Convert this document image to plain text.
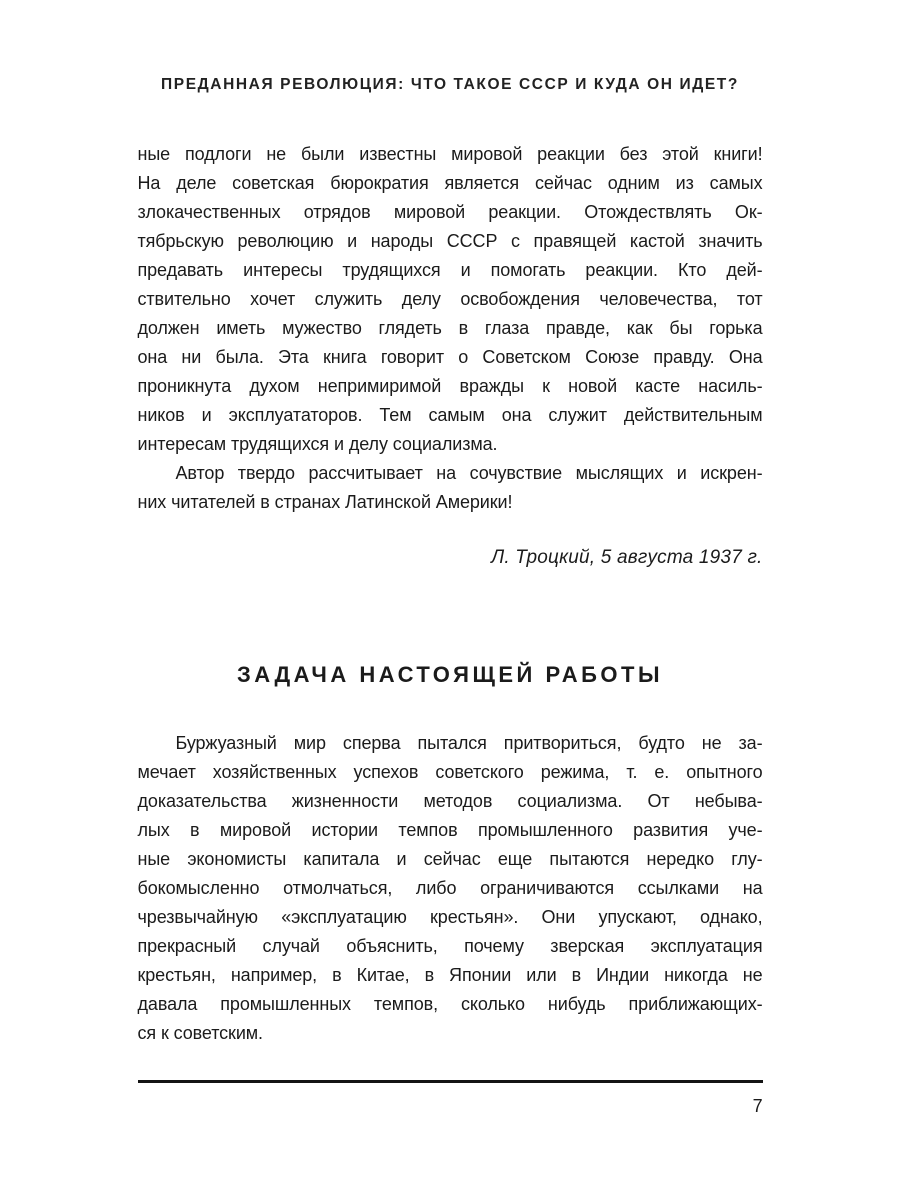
ПРЕДАННАЯ РЕВОЛЮЦИЯ: ЧТО ТАКОЕ СССР И КУДА ОН ИДЕТ?
ные подлоги не были известны мировой реакции без этой книги!
На деле советская бюрократия является сейчас одним из самых
злокачественных отрядов мировой реакции. Отождествлять Ок-
тябрьскую революцию и народы СССР с правящей кастой значить
предавать интересы трудящихся и помогать реакции. Кто дей-
ствительно хочет служить делу освобождения человечества, тот
должен иметь мужество глядеть в глаза правде, как бы горька
она ни была. Эта книга говорит о Советском Союзе правду. Она
проникнута духом непримиримой вражды к новой касте насиль-
ников и эксплуататоров. Тем самым она служит действительным
интересам трудящихся и делу социализма.
Автор твердо рассчитывает на сочувствие мыслящих и искрен-
них читателей в странах Латинской Америки!
Л. Троцкий, 5 августа 1937 г.
ЗАДАЧА НАСТОЯЩЕЙ РАБОТЫ
Буржуазный мир сперва пытался притвориться, будто не за-
мечает хозяйственных успехов советского режима, т. е. опытного
доказательства жизненности методов социализма. От небыва-
лых в мировой истории темпов промышленного развития уче-
ные экономисты капитала и сейчас еще пытаются нередко глу-
бокомысленно отмолчаться, либо ограничиваются ссылками на
чрезвычайную «эксплуатацию крестьян». Они упускают, однако,
прекрасный случай объяснить, почему зверская эксплуатация
крестьян, например, в Китае, в Японии или в Индии никогда не
давала промышленных темпов, сколько нибудь приближающих-
ся к советским.
7
